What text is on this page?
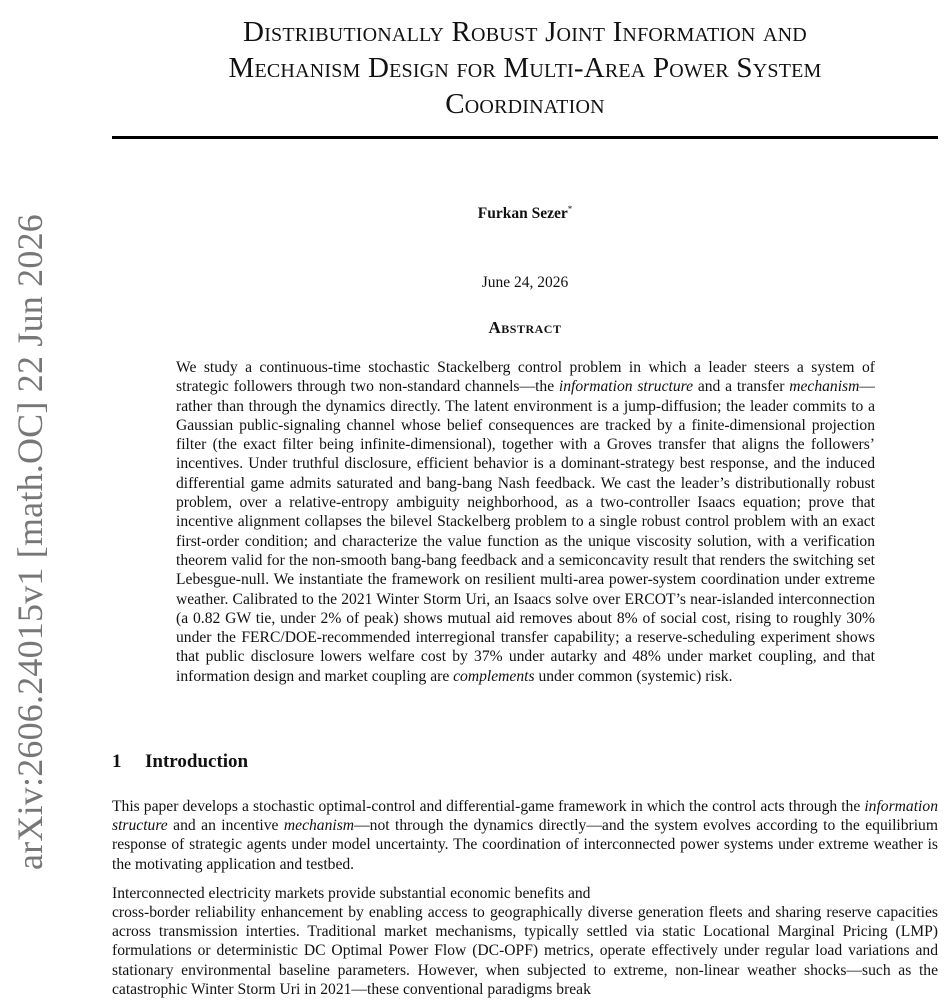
arXiv:2606.24015v1 [math.OC] 22 Jun 2026
Distributionally Robust Joint Information and
Mechanism Design for Multi-Area Power System
Coordination
Furkan Sezer*
June 24, 2026
Abstract

We study a continuous-time stochastic Stackelberg control problem in which a leader steers a system of strategic followers through two non-standard channels—the information structure and a transfer mechanism—rather than through the dynamics directly. The latent environment is a jump-diffusion; the leader commits to a Gaussian public-signaling channel whose belief consequences are tracked by a finite-dimensional projection filter (the exact filter being infinite-dimensional), together with a Groves transfer that aligns the followers’ incentives. Under truthful disclosure, efficient behavior is a dominant-strategy best response, and the induced differential game admits saturated and bang-bang Nash feedback. We cast the leader’s distributionally robust problem, over a relative-entropy ambiguity neighborhood, as a two-controller Isaacs equation; prove that incentive alignment collapses the bilevel Stackelberg problem to a single robust control problem with an exact first-order condition; and characterize the value function as the unique viscosity solution, with a verification theorem valid for the non-smooth bang-bang feedback and a semiconcavity result that renders the switching set Lebesgue-null. We instantiate the framework on resilient multi-area power-system coordination under extreme weather. Calibrated to the 2021 Winter Storm Uri, an Isaacs solve over ERCOT’s near-islanded interconnection (a 0.82 GW tie, under 2% of peak) shows mutual aid removes about 8% of social cost, rising to roughly 30% under the FERC/DOE-recommended interregional transfer capability; a reserve-scheduling experiment shows that public disclosure lowers welfare cost by 37% under autarky and 48% under market coupling, and that information design and market coupling are complements under common (systemic) risk.

1 Introduction

This paper develops a stochastic optimal-control and differential-game framework in which the control acts through the information structure and an incentive mechanism—not through the dynamics directly—and the system evolves according to the equilibrium response of strategic agents under model uncertainty. The coordination of interconnected power systems under extreme weather is the motivating application and testbed.

Interconnected electricity markets provide substantial economic benefits and

cross-border reliability enhancement by enabling access to geographically diverse generation fleets and sharing reserve capacities across transmission interties. Traditional market mechanisms, typically settled via static Locational Marginal Pricing (LMP) formulations or deterministic DC Optimal Power Flow (DC-OPF) metrics, operate effectively under regular load variations and stationary environmental baseline parameters. However, when subjected to extreme, non-linear weather shocks—such as the catastrophic Winter Storm Uri in 2021—these conventional paradigms break
